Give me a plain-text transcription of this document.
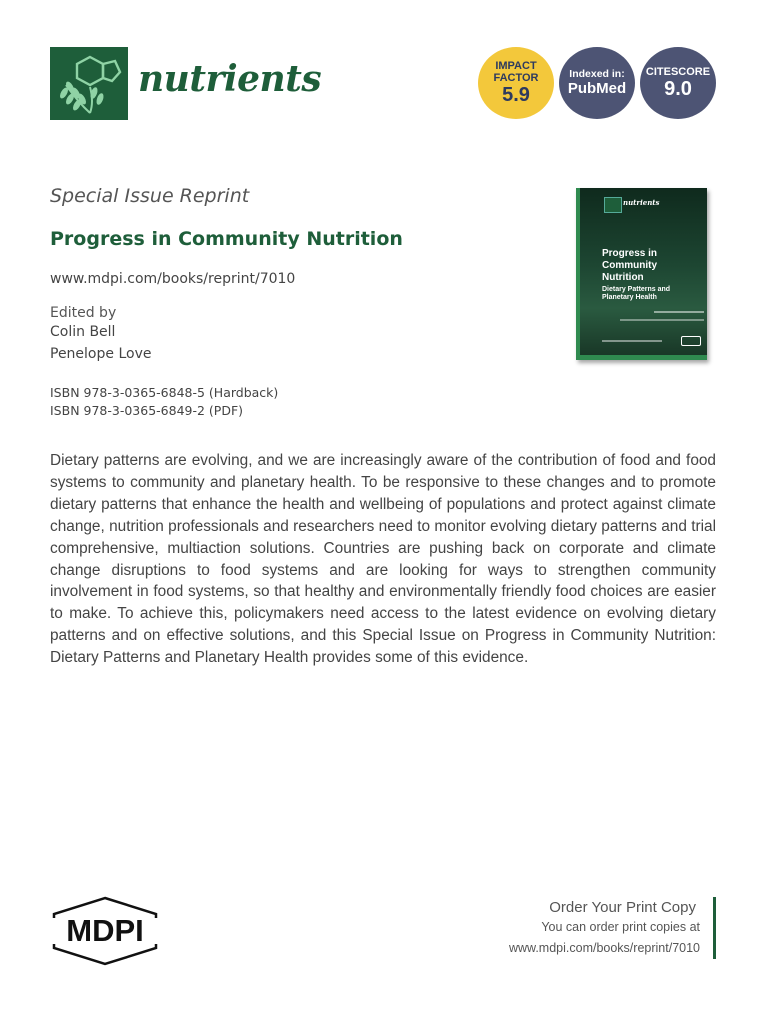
nutrients	IMPACT
FACTOR
5.9
Indexed in:
PubMed
CITESCORE
9.0
Special Issue Reprint
Progress in Community Nutrition
www.mdpi.com/books/reprint/7010
Edited by
Colin Bell
Penelope Love
ISBN 978-3-0365-6848-5 (Hardback)
ISBN 978-3-0365-6849-2 (PDF)
Dietary patterns are evolving, and we are increasingly aware of the contribution of food and food systems to community and planetary health. To be responsive to these changes and to promote dietary patterns that enhance the health and wellbeing of populations and protect against climate change, nutrition professionals and researchers need to monitor evolving dietary patterns and trial comprehensive, multiaction solutions. Countries are pushing back on corporate and climate change disruptions to food systems and are looking for ways to strengthen community involvement in food systems, so that healthy and environmentally friendly food choices are easier to make. To achieve this, policymakers need access to the latest evidence on evolving dietary patterns and on effective solutions, and this Special Issue on Progress in Community Nutrition: Dietary Patterns and Planetary Health provides some of this evidence.
nutrients
Progress in
Community
Nutrition
Dietary Patterns and
Planetary Health
MDPI
Order Your Print Copy
You can order print copies at
www.mdpi.com/books/reprint/7010
